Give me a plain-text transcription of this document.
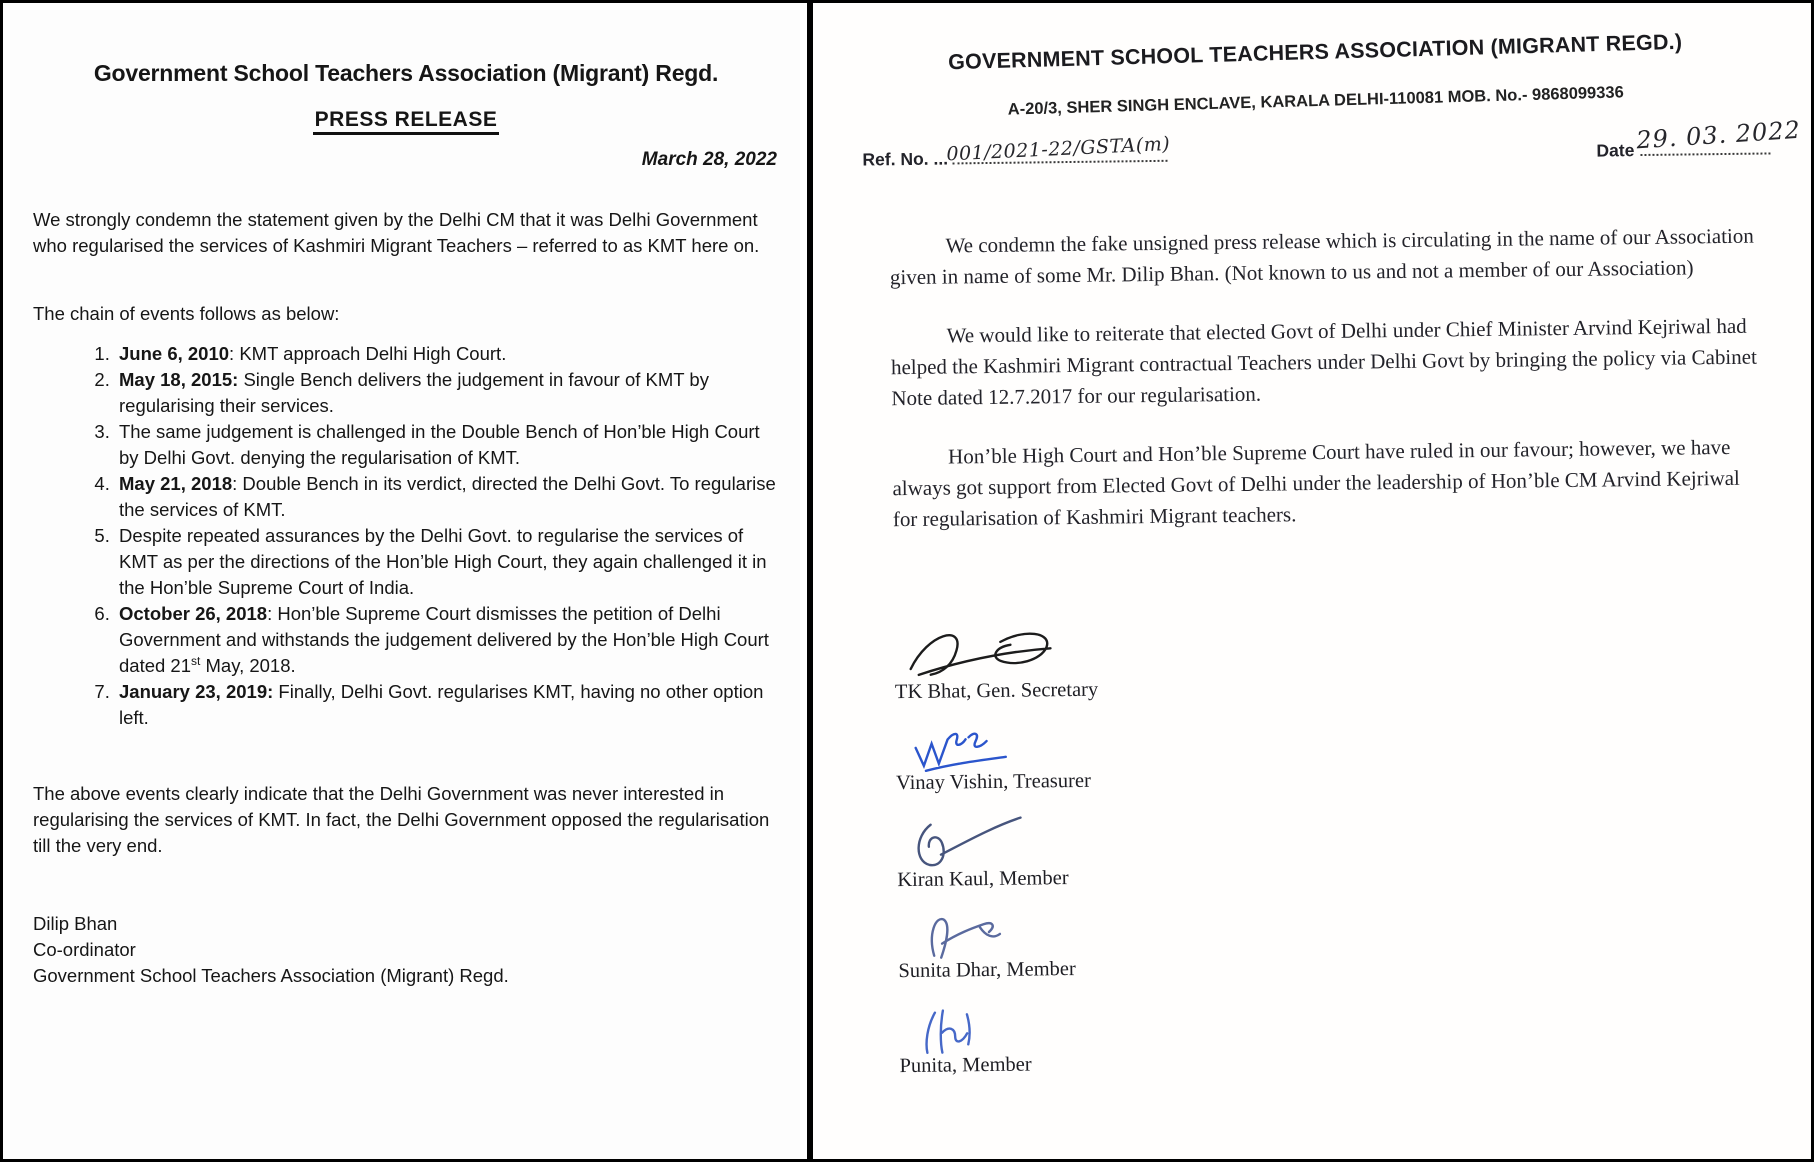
Government School Teachers Association (Migrant) Regd.
PRESS RELEASE
March 28, 2022

We strongly condemn the statement given by the Delhi CM that it was Delhi Government who regularised the services of Kashmiri Migrant Teachers – referred to as KMT here on.

The chain of events follows as below:

1. June 6, 2010: KMT approach Delhi High Court.
2. May 18, 2015: Single Bench delivers the judgement in favour of KMT by regularising their services.
3. The same judgement is challenged in the Double Bench of Hon’ble High Court by Delhi Govt. denying the regularisation of KMT.
4. May 21, 2018: Double Bench in its verdict, directed the Delhi Govt. To regularise the services of KMT.
5. Despite repeated assurances by the Delhi Govt. to regularise the services of KMT as per the directions of the Hon’ble High Court, they again challenged it in the Hon’ble Supreme Court of India.
6. October 26, 2018: Hon’ble Supreme Court dismisses the petition of Delhi Government and withstands the judgement delivered by the Hon’ble High Court dated 21st May, 2018.
7. January 23, 2019: Finally, Delhi Govt. regularises KMT, having no other option left.

The above events clearly indicate that the Delhi Government was never interested in regularising the services of KMT. In fact, the Delhi Government opposed the regularisation till the very end.

Dilip Bhan
Co-ordinator
Government School Teachers Association (Migrant) Regd.
GOVERNMENT SCHOOL TEACHERS ASSOCIATION (MIGRANT REGD.)
A-20/3, SHER SINGH ENCLAVE, KARALA DELHI-110081 MOB. No.- 9868099336
Ref. No. ...
001/2021-22/GSTA(m)	Date 29. 03. 2022

We condemn the fake unsigned press release which is circulating in the name of our Association given in name of some Mr. Dilip Bhan. (Not known to us and not a member of our Association)

We would like to reiterate that elected Govt of Delhi under Chief Minister Arvind Kejriwal had helped the Kashmiri Migrant contractual Teachers under Delhi Govt by bringing the policy via Cabinet Note dated 12.7.2017 for our regularisation.

Hon’ble High Court and Hon’ble Supreme Court have ruled in our favour; however, we have always got support from Elected Govt of Delhi under the leadership of Hon’ble CM Arvind Kejriwal for regularisation of Kashmiri Migrant teachers.

TK Bhat, Gen. Secretary
Vinay Vishin, Treasurer
Kiran Kaul, Member
Sunita Dhar, Member
Punita, Member
